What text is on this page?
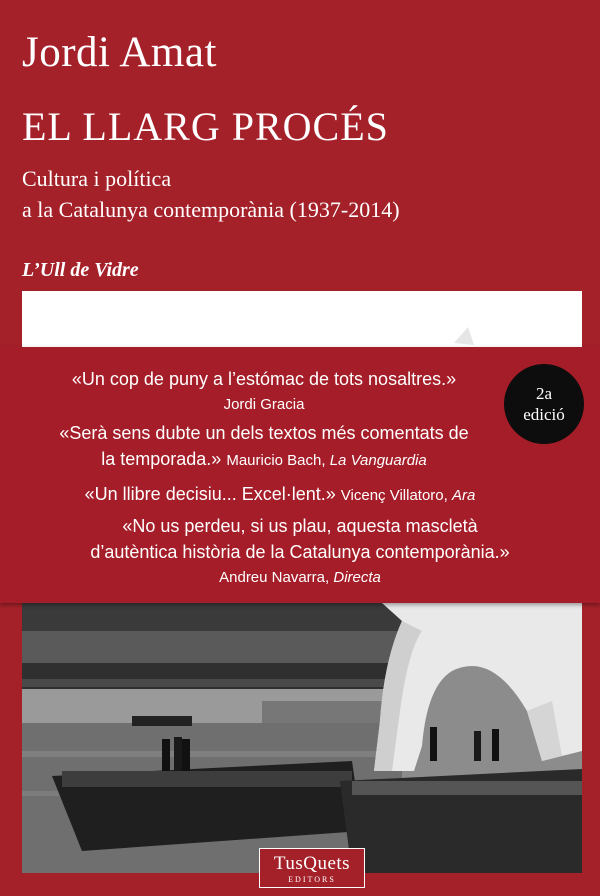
Jordi Amat
EL LLARG PROCÉS
Cultura i política
a la Catalunya contemporània (1937-2014)
L’Ull de Vidre
«Un cop de puny a l’estómac de tots nosaltres.»
Jordi Gracia
«Serà sens dubte un dels textos més comentats de
la temporada.» Mauricio Bach, La Vanguardia
«Un llibre decisiu... Excel·lent.» Vicenç Villatoro, Ara
«No us perdeu, si us plau, aquesta mascletà
d’autèntica història de la Catalunya contemporània.»
Andreu Navarra, Directa
2a
edició
TusQuets
EDITORS
